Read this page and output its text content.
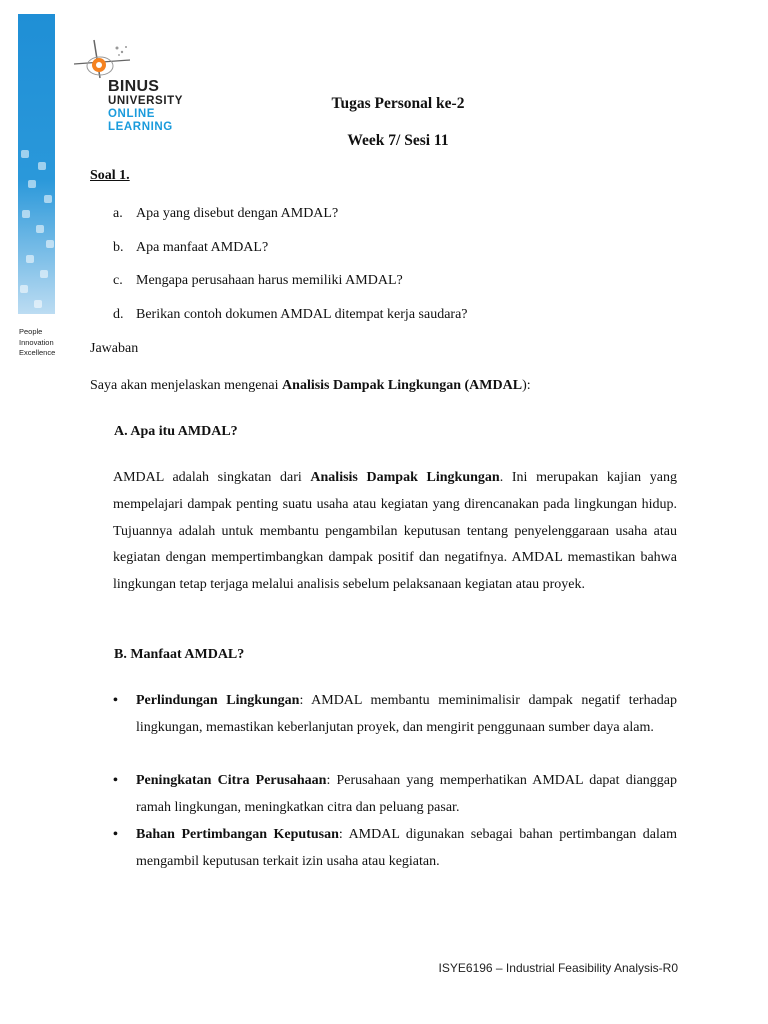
People
Innovation
Excellence
BINUS
UNIVERSITY
ONLINE
LEARNING
Tugas Personal ke-2
Week 7/ Sesi 11
Soal 1.
a. Apa yang disebut dengan AMDAL?
b. Apa manfaat AMDAL?
c. Mengapa perusahaan harus memiliki AMDAL?
d. Berikan contoh dokumen AMDAL ditempat kerja saudara?
Jawaban
Saya akan menjelaskan mengenai Analisis Dampak Lingkungan (AMDAL):
A. Apa itu AMDAL?

AMDAL adalah singkatan dari Analisis Dampak Lingkungan. Ini merupakan kajian yang mempelajari dampak penting suatu usaha atau kegiatan yang direncanakan pada lingkungan hidup. Tujuannya adalah untuk membantu pengambilan keputusan tentang penyelenggaraan usaha atau kegiatan dengan mempertimbangkan dampak positif dan negatifnya. AMDAL memastikan bahwa lingkungan tetap terjaga melalui analisis sebelum pelaksanaan kegiatan atau proyek.

B. Manfaat AMDAL?
•	Perlindungan Lingkungan: AMDAL membantu meminimalisir dampak negatif terhadap lingkungan, memastikan keberlanjutan proyek, dan mengirit penggunaan sumber daya alam.
•	Peningkatan Citra Perusahaan: Perusahaan yang memperhatikan AMDAL dapat dianggap ramah lingkungan, meningkatkan citra dan peluang pasar.
•	Bahan Pertimbangan Keputusan: AMDAL digunakan sebagai bahan pertimbangan dalam mengambil keputusan terkait izin usaha atau kegiatan.
ISYE6196 – Industrial Feasibility Analysis-R0
